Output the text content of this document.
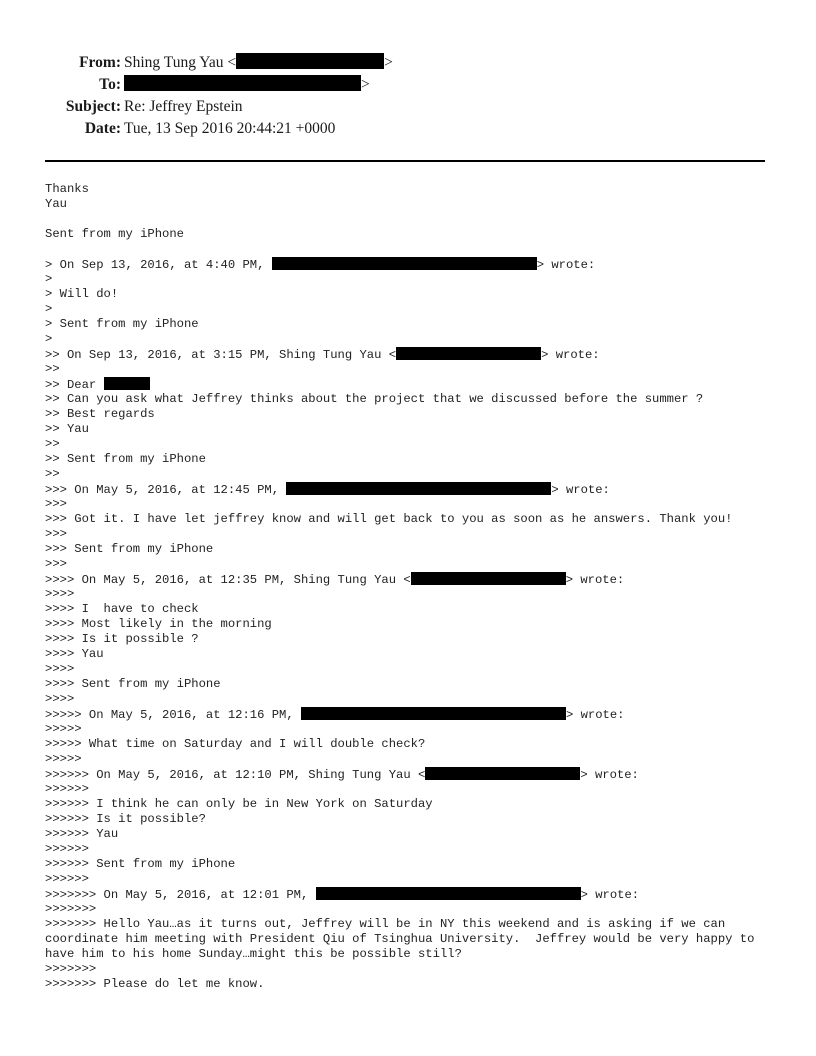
From: Shing Tung Yau <	>
To:	>
Subject: Re: Jeffrey Epstein
Date: Tue, 13 Sep 2016 20:44:21 +0000
Thanks
Yau
Sent from my iPhone
> On Sep 13, 2016, at 4:40 PM,	> wrote:
>
> Will do!
>
> Sent from my iPhone
>
>> On Sep 13, 2016, at 3:15 PM, Shing Tung Yau <	> wrote:
>>
>> Dear
>> Can you ask what Jeffrey thinks about the project that we discussed before the summer ?
>> Best regards
>> Yau
>>
>> Sent from my iPhone
>>
>>> On May 5, 2016, at 12:45 PM,	> wrote:
>>>
>>> Got it. I have let jeffrey know and will get back to you as soon as he answers. Thank you!
>>>
>>> Sent from my iPhone
>>>
>>>> On May 5, 2016, at 12:35 PM, Shing Tung Yau <	> wrote:
>>>>
>>>> I  have to check
>>>> Most likely in the morning
>>>> Is it possible ?
>>>> Yau
>>>>
>>>> Sent from my iPhone
>>>>
>>>>> On May 5, 2016, at 12:16 PM,	> wrote:
>>>>>
>>>>> What time on Saturday and I will double check?
>>>>>
>>>>>> On May 5, 2016, at 12:10 PM, Shing Tung Yau <	> wrote:
>>>>>>
>>>>>> I think he can only be in New York on Saturday
>>>>>> Is it possible?
>>>>>> Yau
>>>>>>
>>>>>> Sent from my iPhone
>>>>>>
>>>>>>> On May 5, 2016, at 12:01 PM,	> wrote:
>>>>>>>
>>>>>>> Hello Yau…as it turns out, Jeffrey will be in NY this weekend and is asking if we can coordinate him meeting with President Qiu of Tsinghua University.  Jeffrey would be very happy to have him to his home Sunday…might this be possible still?
>>>>>>>
>>>>>>> Please do let me know.
